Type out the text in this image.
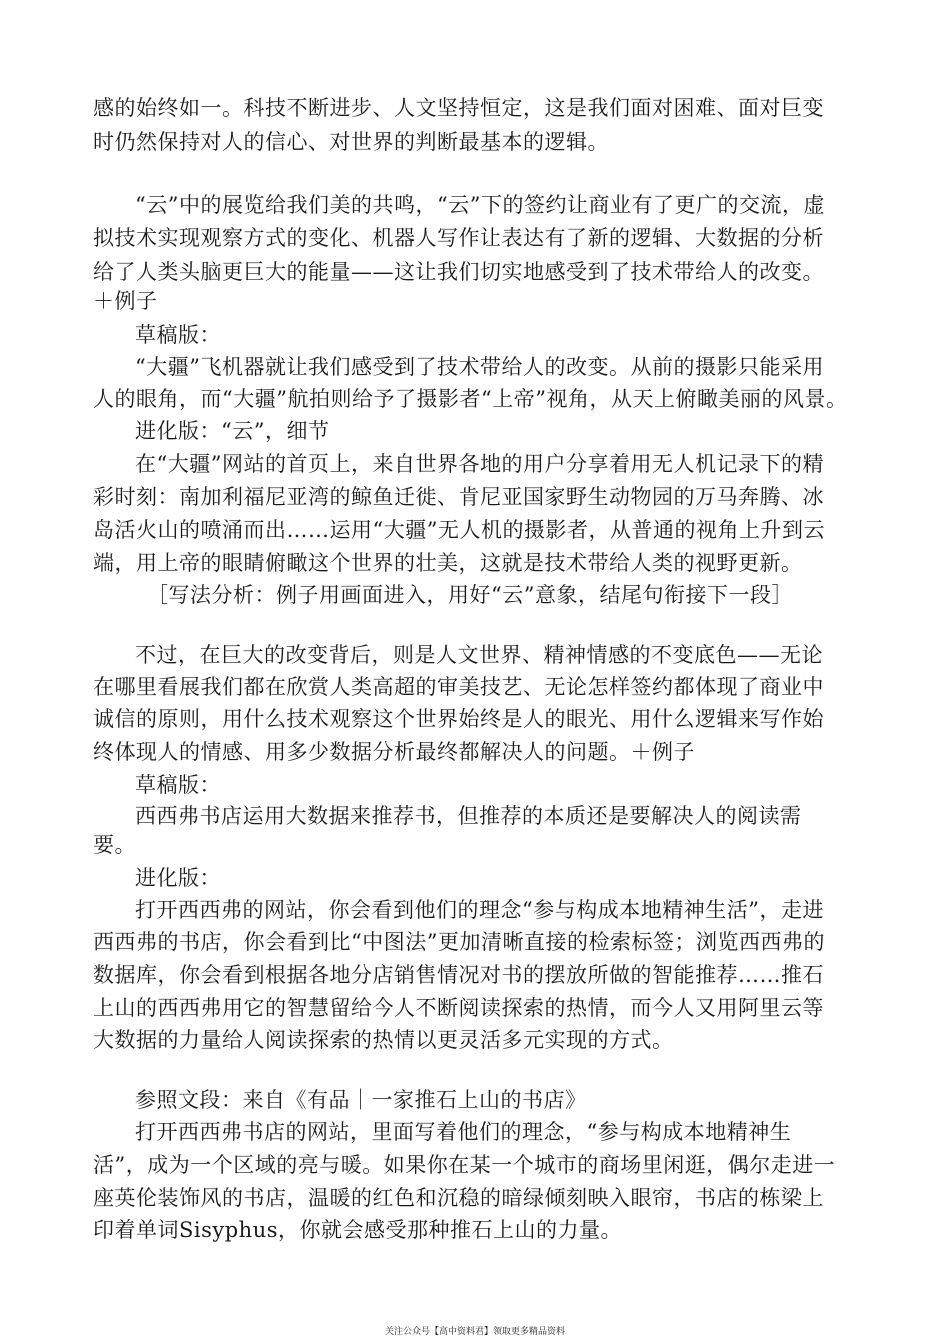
感的始终如一。科技不断进步、人文坚持恒定，这是我们面对困难、面对巨变
时仍然保持对人的信心、对世界的判断最基本的逻辑。
“云”中的展览给我们美的共鸣，“云”下的签约让商业有了更广的交流，虚
拟技术实现观察方式的变化、机器人写作让表达有了新的逻辑、大数据的分析
给了人类头脑更巨大的能量——这让我们切实地感受到了技术带给人的改变。
＋例子
草稿版：
“大疆”飞机器就让我们感受到了技术带给人的改变。从前的摄影只能采用
人的眼角，而“大疆”航拍则给予了摄影者“上帝”视角，从天上俯瞰美丽的风景。
进化版：“云”，细节
在“大疆”网站的首页上，来自世界各地的用户分享着用无人机记录下的精
彩时刻：南加利福尼亚湾的鲸鱼迁徙、肯尼亚国家野生动物园的万马奔腾、冰
岛活火山的喷涌而出……运用“大疆”无人机的摄影者，从普通的视角上升到云
端，用上帝的眼睛俯瞰这个世界的壮美，这就是技术带给人类的视野更新。
［写法分析：例子用画面进入，用好“云”意象，结尾句衔接下一段］
不过，在巨大的改变背后，则是人文世界、精神情感的不变底色——无论
在哪里看展我们都在欣赏人类高超的审美技艺、无论怎样签约都体现了商业中
诚信的原则，用什么技术观察这个世界始终是人的眼光、用什么逻辑来写作始
终体现人的情感、用多少数据分析最终都解决人的问题。＋例子
草稿版：
西西弗书店运用大数据来推荐书，但推荐的本质还是要解决人的阅读需
要。
进化版：
打开西西弗的网站，你会看到他们的理念“参与构成本地精神生活”，走进
西西弗的书店，你会看到比“中图法”更加清晰直接的检索标签；浏览西西弗的
数据库，你会看到根据各地分店销售情况对书的摆放所做的智能推荐……推石
上山的西西弗用它的智慧留给今人不断阅读探索的热情，而今人又用阿里云等
大数据的力量给人阅读探索的热情以更灵活多元实现的方式。
参照文段：来自《有品｜一家推石上山的书店》
打开西西弗书店的网站，里面写着他们的理念，“参与构成本地精神生
活”，成为一个区域的亮与暖。如果你在某一个城市的商场里闲逛，偶尔走进一
座英伦装饰风的书店，温暖的红色和沉稳的暗绿倾刻映入眼帘，书店的栋梁上
印着单词Sisyphus，你就会感受那种推石上山的力量。
关注公众号【高中资料君】领取更多精品资料
